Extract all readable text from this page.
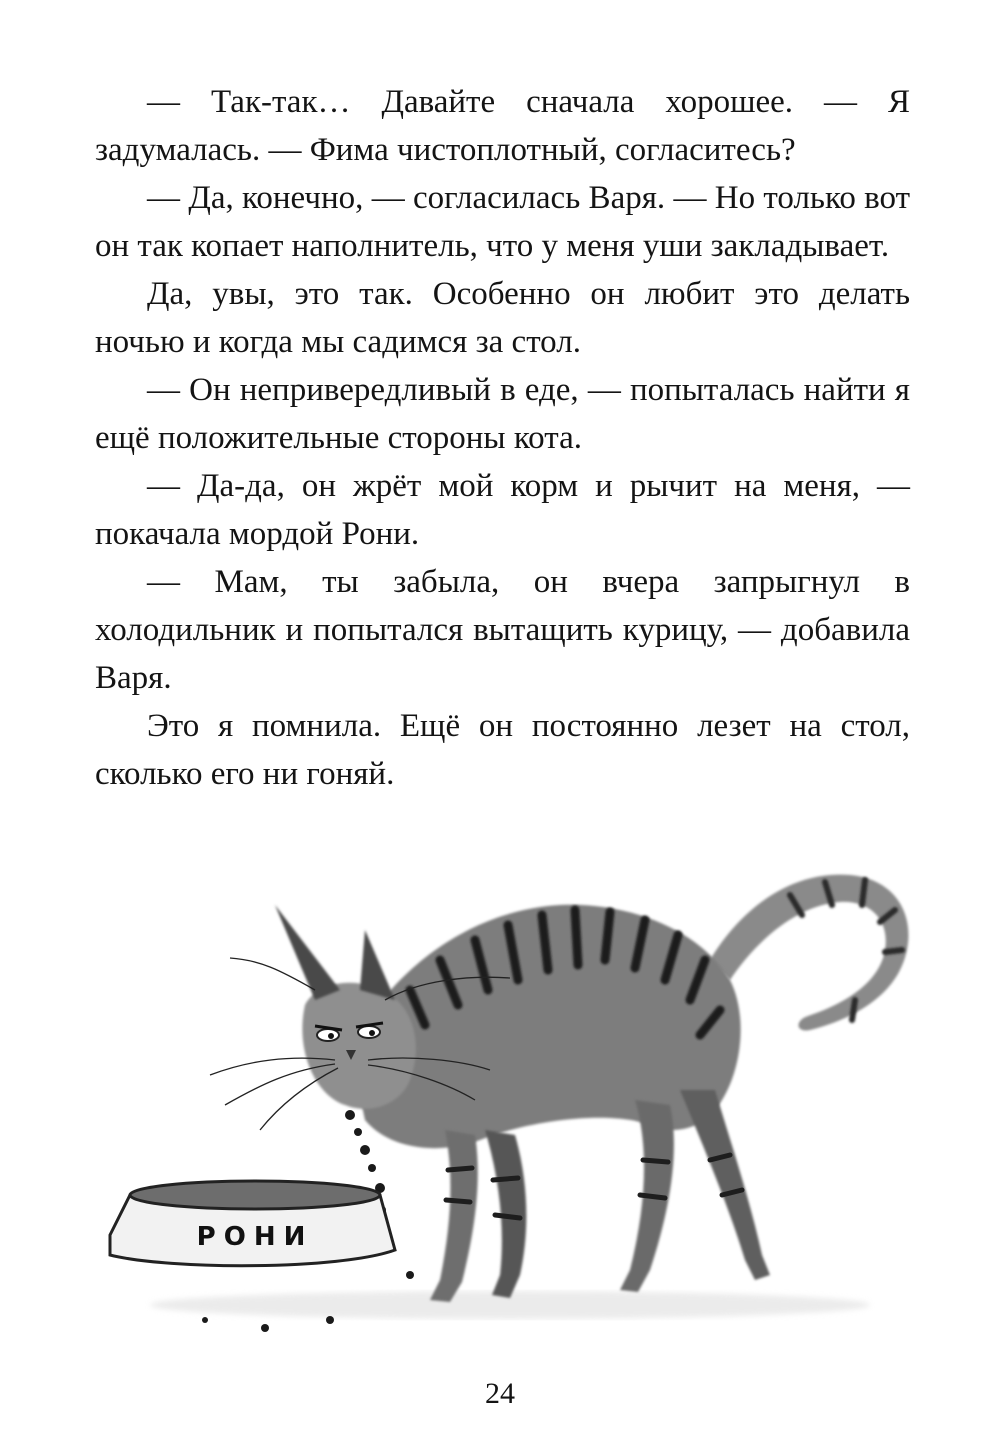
— Так-так… Давайте сначала хорошее. — Я задумалась. — Фима чистоплотный, согласитесь?

— Да, конечно, — согласилась Варя. — Но только вот он так копает наполнитель, что у меня уши закладывает.

Да, увы, это так. Особенно он любит это делать ночью и когда мы садимся за стол.

— Он непривередливый в еде, — попыталась найти я ещё положительные стороны кота.

— Да-да, он жрёт мой корм и рычит на меня, — покачала мордой Рони.

— Мам, ты забыла, он вчера запрыгнул в холодильник и попытался вытащить курицу, — добавила Варя.

Это я помнила. Ещё он постоянно лезет на стол, сколько его ни гоняй.

РОНИ
24
